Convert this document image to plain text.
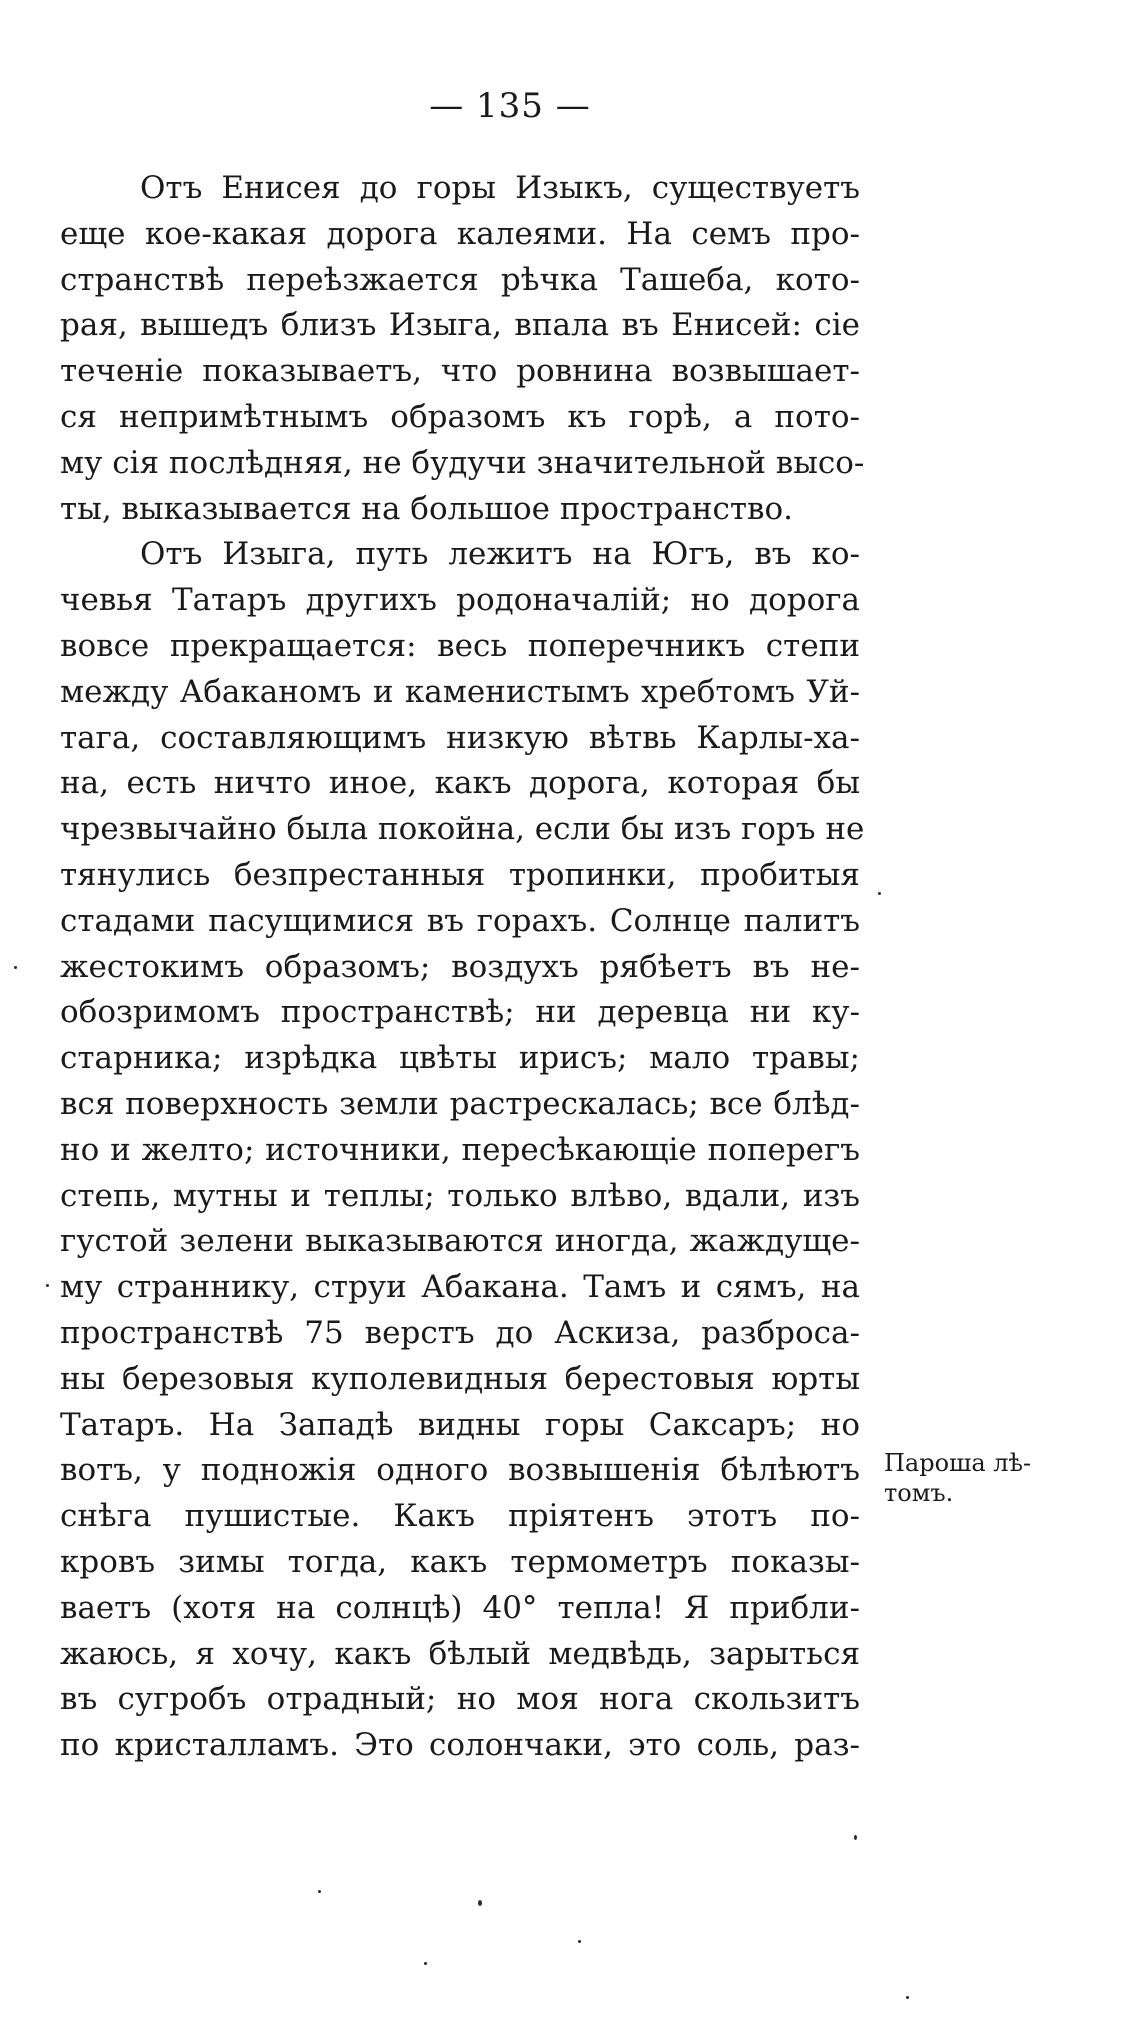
— 135 —
Отъ Енисея до горы Изыкъ, существуетъ
еще кое-какая дорога калеями. На семъ про-
странствѣ переѣзжается рѣчка Ташеба, кото-
рая, вышедъ близъ Изыга, впала въ Енисей: сіе
теченіе показываетъ, что ровнина возвышает-
ся непримѣтнымъ образомъ къ горѣ, а пото-
му сія послѣдняя, не будучи значительной высо-
ты, выказывается на большое пространство.
Отъ Изыга, путь лежитъ на Югъ, въ ко-
чевья Татаръ другихъ родоначалій; но дорога
вовсе прекращается: весь поперечникъ степи
между Абаканомъ и каменистымъ хребтомъ Уй-
тага, составляющимъ низкую вѣтвь Карлы-ха-
на, есть ничто иное, какъ дорога, которая бы
чрезвычайно была покойна, если бы изъ горъ не
тянулись безпрестанныя тропинки, пробитыя
стадами пасущимися въ горахъ. Солнце палитъ
жестокимъ образомъ; воздухъ рябѣетъ въ не-
обозримомъ пространствѣ; ни деревца ни ку-
старника; изрѣдка цвѣты ирисъ; мало травы;
вся поверхность земли растрескалась; все блѣд-
но и желто; источники, пересѣкающіе поперегъ
степь, мутны и теплы; только влѣво, вдали, изъ
густой зелени выказываются иногда, жаждуще-
му страннику, струи Абакана. Тамъ и сямъ, на
пространствѣ 75 верстъ до Аскиза, разброса-
ны березовыя куполевидныя берестовыя юрты
Татаръ. На Западѣ видны горы Саксаръ; но
вотъ, у подножія одного возвышенія бѣлѣютъ
снѣга пушистые. Какъ пріятенъ этотъ по-
кровъ зимы тогда, какъ термометръ показы-
ваетъ (хотя на солнцѣ) 40° тепла! Я прибли-
жаюсь, я хочу, какъ бѣлый медвѣдь, зарыться
въ сугробъ отрадный; но моя нога скользитъ
по кристалламъ. Это солончаки, это соль, раз-
Пароша лѣ-
томъ.
